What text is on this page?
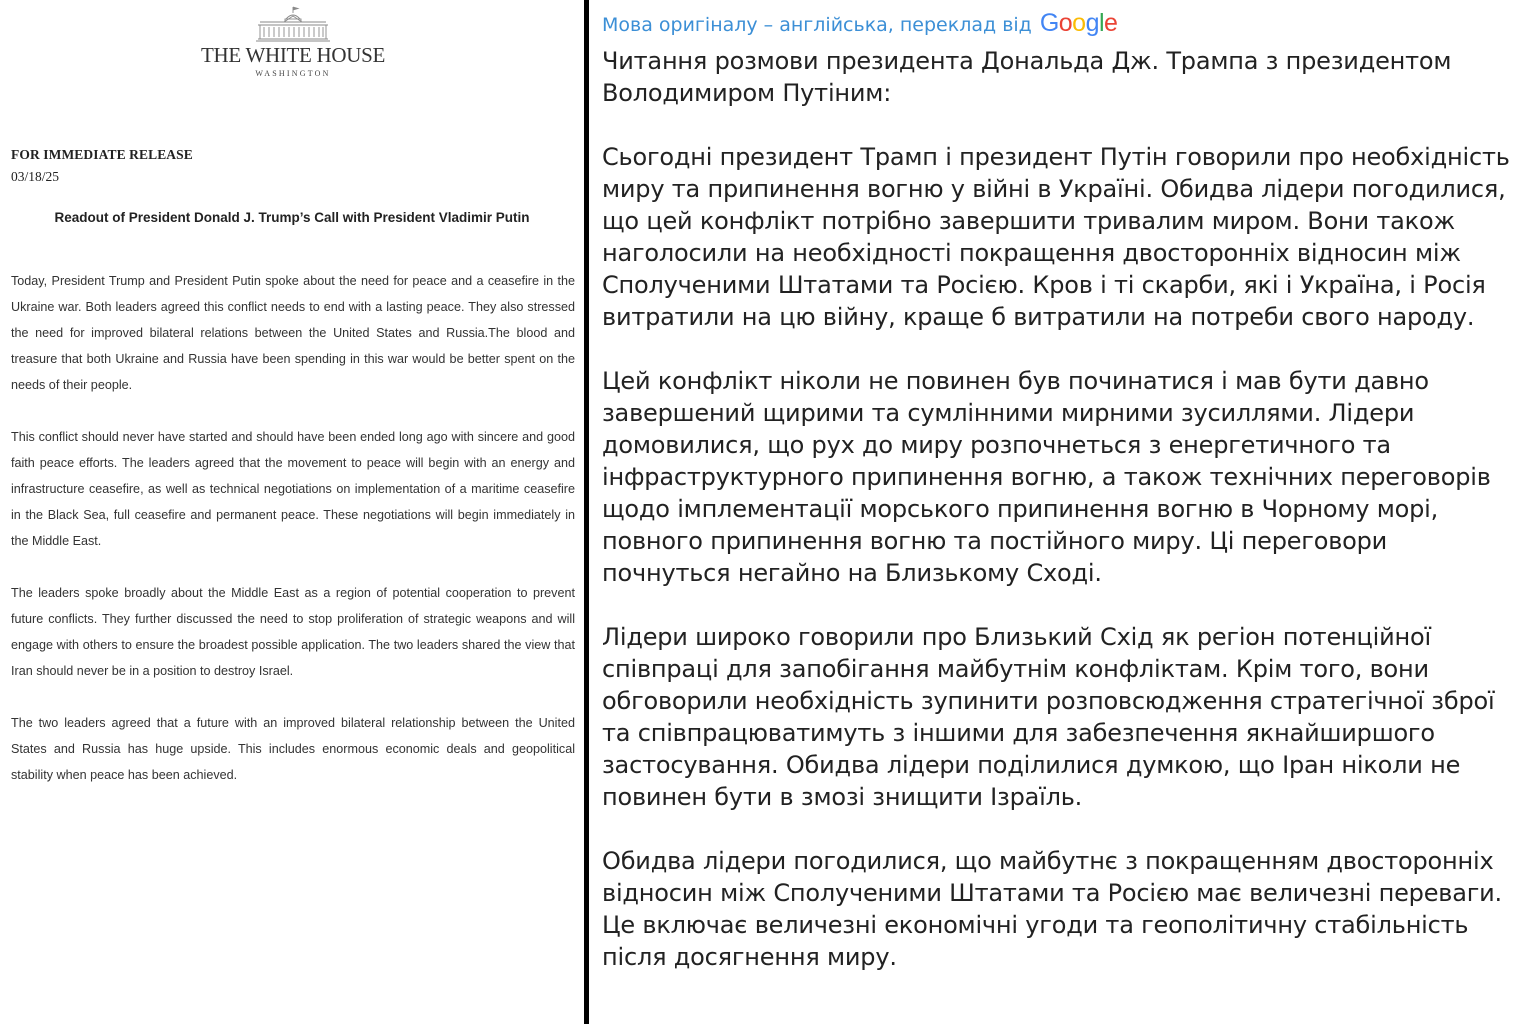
THE WHITE HOUSE
WASHINGTON
FOR IMMEDIATE RELEASE
03/18/25
Readout of President Donald J. Trump’s Call with President Vladimir Putin

Today, President Trump and President Putin spoke about the need for peace and a ceasefire in the Ukraine war. Both leaders agreed this conflict needs to end with a lasting peace. They also stressed the need for improved bilateral relations between the United States and Russia.The blood and treasure that both Ukraine and Russia have been spending in this war would be better spent on the needs of their people.

This conflict should never have started and should have been ended long ago with sincere and good faith peace efforts. The leaders agreed that the movement to peace will begin with an energy and infrastructure ceasefire, as well as technical negotiations on implementation of a maritime ceasefire in the Black Sea, full ceasefire and permanent peace. These negotiations will begin immediately in the Middle East.

The leaders spoke broadly about the Middle East as a region of potential cooperation to prevent future conflicts. They further discussed the need to stop proliferation of strategic weapons and will engage with others to ensure the broadest possible application. The two leaders shared the view that Iran should never be in a position to destroy Israel.

The two leaders agreed that a future with an improved bilateral relationship between the United States and Russia has huge upside. This includes enormous economic deals and geopolitical stability when peace has been achieved.

Мова оригіналу – англійська, переклад від Google

Читання розмови президента Дональда Дж. Трампа з президентом Володимиром Путіним:

Сьогодні президент Трамп і президент Путін говорили про необхідність миру та припинення вогню у війні в Україні. Обидва лідери погодилися, що цей конфлікт потрібно завершити тривалим миром. Вони також наголосили на необхідності покращення двосторонніх відносин між Сполученими Штатами та Росією. Кров і ті скарби, які і Україна, і Росія витратили на цю війну, краще б витратили на потреби свого народу.

Цей конфлікт ніколи не повинен був починатися і мав бути давно завершений щирими та сумлінними мирними зусиллями. Лідери домовилися, що рух до миру розпочнеться з енергетичного та інфраструктурного припинення вогню, а також технічних переговорів щодо імплементації морського припинення вогню в Чорному морі, повного припинення вогню та постійного миру. Ці переговори почнуться негайно на Близькому Сході.

Лідери широко говорили про Близький Схід як регіон потенційної співпраці для запобігання майбутнім конфліктам. Крім того, вони обговорили необхідність зупинити розповсюдження стратегічної зброї та співпрацюватимуть з іншими для забезпечення якнайширшого застосування. Обидва лідери поділилися думкою, що Іран ніколи не повинен бути в змозі знищити Ізраїль.

Обидва лідери погодилися, що майбутнє з покращенням двосторонніх відносин між Сполученими Штатами та Росією має величезні переваги. Це включає величезні економічні угоди та геополітичну стабільність після досягнення миру.
